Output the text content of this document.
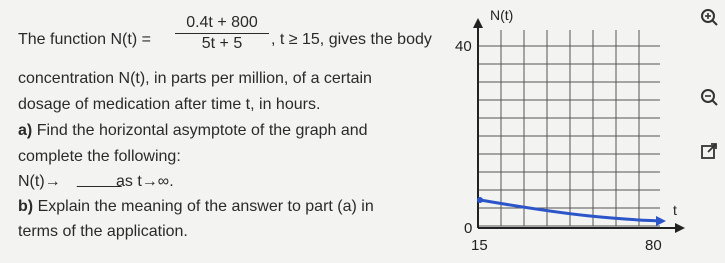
The function N(t) =
0.4t + 800
5t + 5	, t ≥ 15, gives the body
concentration N(t), in parts per million, of a certain
dosage of medication after time t, in hours.
a) Find the horizontal asymptote of the graph and
complete the following:
N(t)→ _____
as t→∞.
b) Explain the meaning of the answer to part (a) in
terms of the application.
N(t)
40
0
t
15	80
